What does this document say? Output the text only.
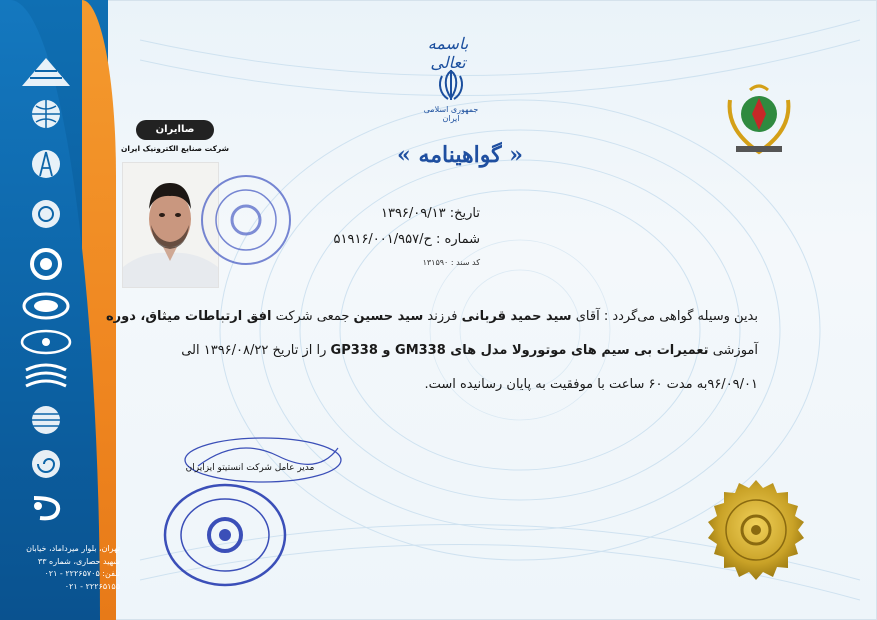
تهران، بلوار میرداماد، خیابان
شهید حصاری، شماره ۳۳
تلفن: ۲۲۲۶۵۷۰۵ - ۰۲۱
۲۲۲۶۵۱۵۵ - ۰۲۱
باسمه تعالی
جمهوری اسلامی ایران
« گواهینامه »
صاایران
شرکت صنایع الکترونیک ایران
تاریخ: ۱۳۹۶/۰۹/۱۳
شماره : ح/۵۱۹۱۶/۰۰۱/۹۵۷
کد سند : ۱۳۱۵۹۰
بدین وسیله گواهی می‌گردد : آقای سید حمید قربانی فرزند سید حسین جمعی شرکت افق ارتباطات میثاق، دوره
آموزشی تعمیرات بی سیم های موتورولا مدل های GM338 و GP338 را از تاریخ ۱۳۹۶/۰۸/۲۲ الی
۹۶/۰۹/۰۱به مدت ۶۰ ساعت با موفقیت به پایان رسانیده است.
مدیر عامل شرکت انستیتو ایزایران
